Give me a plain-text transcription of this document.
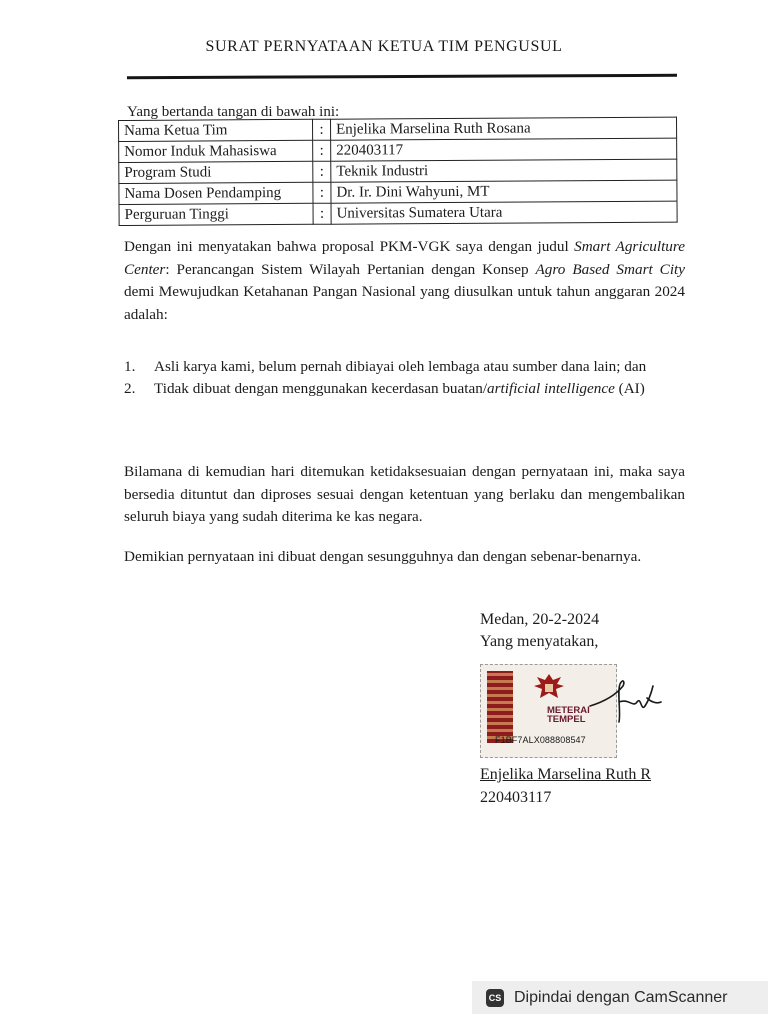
SURAT PERNYATAAN KETUA TIM PENGUSUL
Yang bertanda tangan di bawah ini:
Nama Ketua Tim	:	Enjelika Marselina Ruth Rosana
Nomor Induk Mahasiswa	:	220403117
Program Studi	:	Teknik Industri
Nama Dosen Pendamping	:	Dr. Ir. Dini Wahyuni, MT
Perguruan Tinggi	:	Universitas Sumatera Utara

Dengan ini menyatakan bahwa proposal PKM-VGK saya dengan judul Smart Agriculture Center: Perancangan Sistem Wilayah Pertanian dengan Konsep Agro Based Smart City demi Mewujudkan Ketahanan Pangan Nasional yang diusulkan untuk tahun anggaran 2024 adalah:

1. Asli karya kami, belum pernah dibiayai oleh lembaga atau sumber dana lain; dan
2. Tidak dibuat dengan menggunakan kecerdasan buatan/artificial intelligence (AI)

Bilamana di kemudian hari ditemukan ketidaksesuaian dengan pernyataan ini, maka saya bersedia dituntut dan diproses sesuai dengan ketentuan yang berlaku dan mengembalikan seluruh biaya yang sudah diterima ke kas negara.

Demikian pernyataan ini dibuat dengan sesungguhnya dan dengan sebenar-benarnya.

Medan, 20-2-2024
Yang menyatakan,
METERAI
TEMPEL
F1BF7ALX088808547
Enjelika Marselina Ruth R
220403117
CS Dipindai dengan CamScanner
